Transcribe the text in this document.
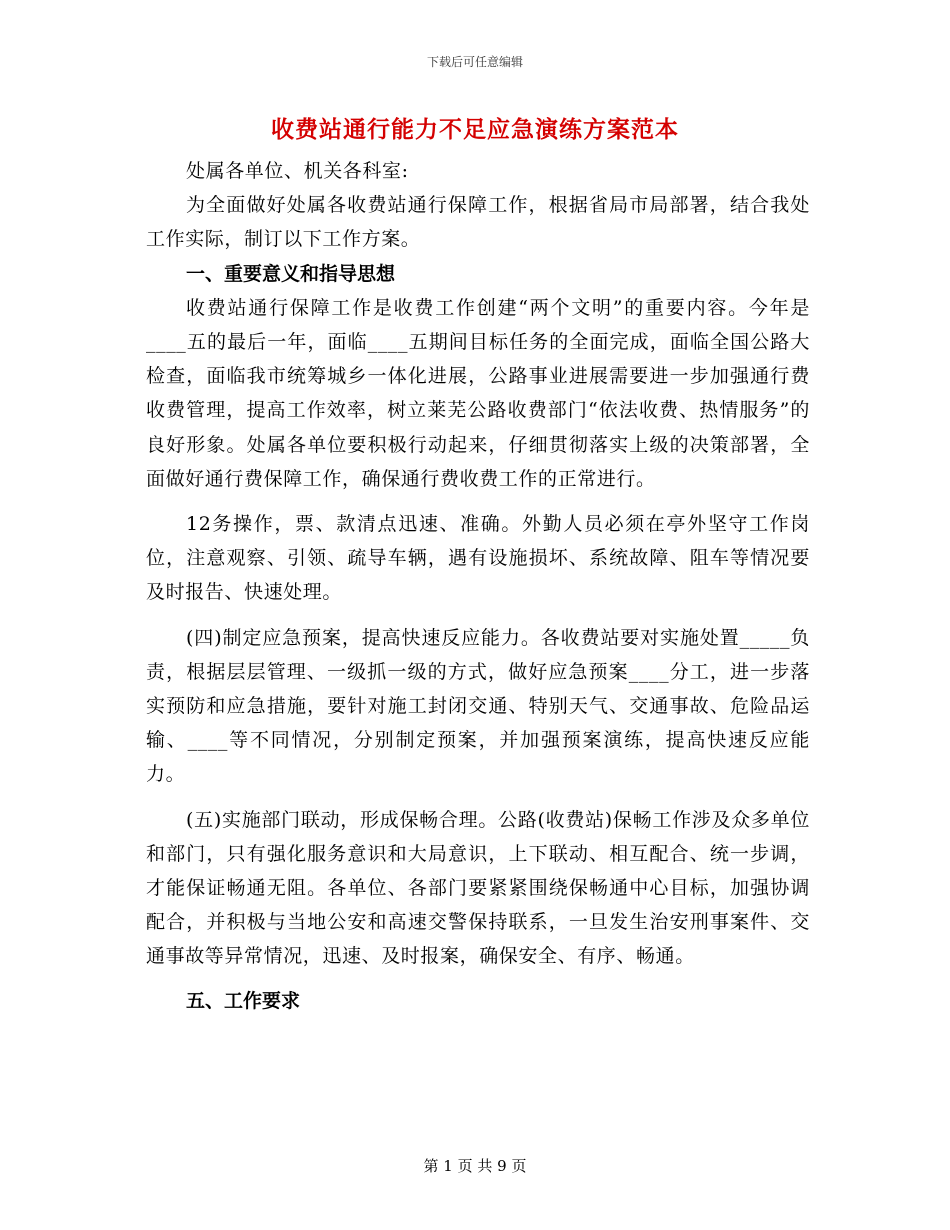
下载后可任意编辑
收费站通行能力不足应急演练方案范本

处属各单位、机关各科室:

为全面做好处属各收费站通行保障工作，根据省局市局部署，结合我处工作实际，制订以下工作方案。

一、重要意义和指导思想

收费站通行保障工作是收费工作创建“两个文明”的重要内容。今年是____五的最后一年，面临____五期间目标任务的全面完成，面临全国公路大检查，面临我市统筹城乡一体化进展，公路事业进展需要进一步加强通行费收费管理，提高工作效率，树立莱芜公路收费部门“依法收费、热情服务”的良好形象。处属各单位要积极行动起来，仔细贯彻落实上级的决策部署，全面做好通行费保障工作，确保通行费收费工作的正常进行。

12务操作，票、款清点迅速、准确。外勤人员必须在亭外坚守工作岗位，注意观察、引领、疏导车辆，遇有设施损坏、系统故障、阻车等情况要及时报告、快速处理。

(四)制定应急预案，提高快速反应能力。各收费站要对实施处置_____负责，根据层层管理、一级抓一级的方式，做好应急预案____分工，进一步落实预防和应急措施，要针对施工封闭交通、特别天气、交通事故、危险品运输、____等不同情况，分别制定预案，并加强预案演练，提高快速反应能力。

(五)实施部门联动，形成保畅合理。公路(收费站)保畅工作涉及众多单位和部门，只有强化服务意识和大局意识，上下联动、相互配合、统一步调，才能保证畅通无阻。各单位、各部门要紧紧围绕保畅通中心目标，加强协调配合，并积极与当地公安和高速交警保持联系，一旦发生治安刑事案件、交通事故等异常情况，迅速、及时报案，确保安全、有序、畅通。

五、工作要求

第 1 页 共 9 页
